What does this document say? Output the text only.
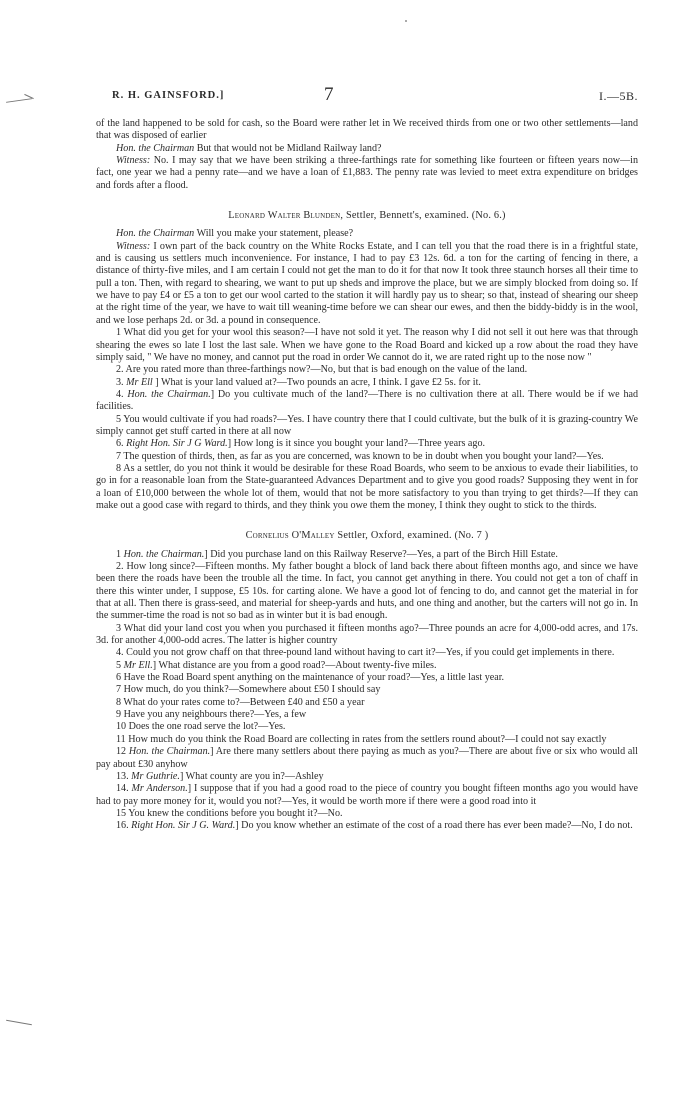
R. H. GAINSFORD.]	7	I.—5B.

of the land happened to be sold for cash, so the Board were rather let in We received thirds from one or two other settlements—land that was disposed of earlier

Hon. the Chairman But that would not be Midland Railway land?

Witness: No. I may say that we have been striking a three-farthings rate for something like fourteen or fifteen years now—in fact, one year we had a penny rate—and we have a loan of £1,883. The penny rate was levied to meet extra expenditure on bridges and fords after a flood.

Leonard Walter Blunden, Settler, Bennett's, examined. (No. 6.)

Hon. the Chairman Will you make your statement, please?

Witness: I own part of the back country on the White Rocks Estate, and I can tell you that the road there is in a frightful state, and is causing us settlers much inconvenience. For instance, I had to pay £3 12s. 6d. a ton for the carting of fencing in there, a distance of thirty-five miles, and I am certain I could not get the man to do it for that now It took three staunch horses all their time to pull a ton. Then, with regard to shearing, we want to put up sheds and improve the place, but we are simply blocked from doing so. If we have to pay £4 or £5 a ton to get our wool carted to the station it will hardly pay us to shear; so that, instead of shearing our sheep at the right time of the year, we have to wait till weaning-time before we can shear our ewes, and then the biddy-biddy is in the wool, and we lose perhaps 2d. or 3d. a pound in consequence.

1 What did you get for your wool this season?—I have not sold it yet. The reason why I did not sell it out here was that through shearing the ewes so late I lost the last sale. When we have gone to the Road Board and kicked up a row about the road they have simply said, " We have no money, and cannot put the road in order We cannot do it, we are rated right up to the nose now "

2. Are you rated more than three-farthings now?—No, but that is bad enough on the value of the land.

3. Mr Ell ] What is your land valued at?—Two pounds an acre, I think. I gave £2 5s. for it.

4. Hon. the Chairman.] Do you cultivate much of the land?—There is no cultivation there at all. There would be if we had facilities.

5 You would cultivate if you had roads?—Yes. I have country there that I could cultivate, but the bulk of it is grazing-country We simply cannot get stuff carted in there at all now

6. Right Hon. Sir J G Ward.] How long is it since you bought your land?—Three years ago.

7 The question of thirds, then, as far as you are concerned, was known to be in doubt when you bought your land?—Yes.

8 As a settler, do you not think it would be desirable for these Road Boards, who seem to be anxious to evade their liabilities, to go in for a reasonable loan from the State-guaranteed Advances Department and to give you good roads? Supposing they went in for a loan of £10,000 between the whole lot of them, would that not be more satisfactory to you than trying to get thirds?—If they can make out a good case with regard to thirds, and they think you owe them the money, I think they ought to stick to the thirds.

Cornelius O'Malley Settler, Oxford, examined. (No. 7 )

1 Hon. the Chairman.] Did you purchase land on this Railway Reserve?—Yes, a part of the Birch Hill Estate.

2. How long since?—Fifteen months. My father bought a block of land back there about fifteen months ago, and since we have been there the roads have been the trouble all the time. In fact, you cannot get anything in there. You could not get a ton of chaff in there this winter under, I suppose, £5 10s. for carting alone. We have a good lot of fencing to do, and cannot get the material in for that at all. Then there is grass-seed, and material for sheep-yards and huts, and one thing and another, but the carters will not go in. In the summer-time the road is not so bad as in winter but it is bad enough.

3 What did your land cost you when you purchased it fifteen months ago?—Three pounds an acre for 4,000-odd acres, and 17s. 3d. for another 4,000-odd acres. The latter is higher country

4. Could you not grow chaff on that three-pound land without having to cart it?—Yes, if you could get implements in there.

5 Mr Ell.] What distance are you from a good road?—About twenty-five miles.

6 Have the Road Board spent anything on the maintenance of your road?—Yes, a little last year.

7 How much, do you think?—Somewhere about £50 I should say

8 What do your rates come to?—Between £40 and £50 a year

9 Have you any neighbours there?—Yes, a few

10 Does the one road serve the lot?—Yes.

11 How much do you think the Road Board are collecting in rates from the settlers round about?—I could not say exactly

12 Hon. the Chairman.] Are there many settlers about there paying as much as you?—There are about five or six who would all pay about £30 anyhow

13. Mr Guthrie.] What county are you in?—Ashley

14. Mr Anderson.] I suppose that if you had a good road to the piece of country you bought fifteen months ago you would have had to pay more money for it, would you not?—Yes, it would be worth more if there were a good road into it

15 You knew the conditions before you bought it?—No.

16. Right Hon. Sir J G. Ward.] Do you know whether an estimate of the cost of a road there has ever been made?—No, I do not.
